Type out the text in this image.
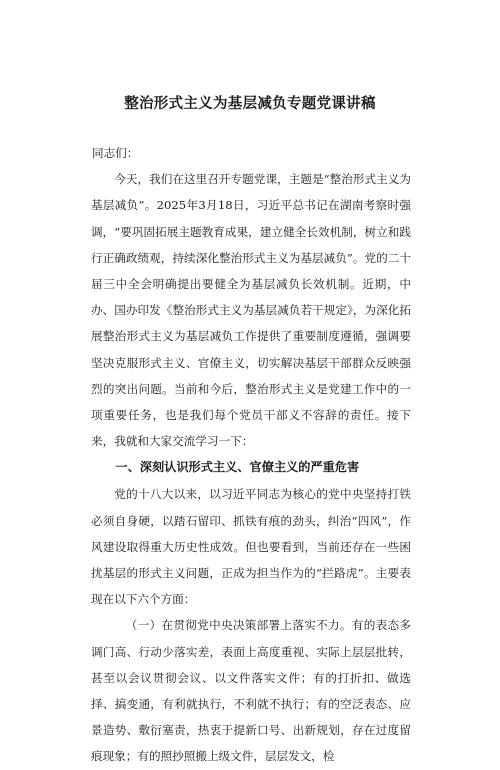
整治形式主义为基层减负专题党课讲稿
同志们：

今天，我们在这里召开专题党课，主题是“整治形式主义为基层减负”。2025年3月18日，习近平总书记在湖南考察时强调，“要巩固拓展主题教育成果，建立健全长效机制，树立和践行正确政绩观，持续深化整治形式主义为基层减负”。党的二十届三中全会明确提出要健全为基层减负长效机制。近期，中办、国办印发《整治形式主义为基层减负若干规定》，为深化拓展整治形式主义为基层减负工作提供了重要制度遵循，强调要坚决克服形式主义、官僚主义，切实解决基层干部群众反映强烈的突出问题。当前和今后，整治形式主义是党建工作中的一项重要任务，也是我们每个党员干部义不容辞的责任。接下来，我就和大家交流学习一下：

一、深刻认识形式主义、官僚主义的严重危害

党的十八大以来，以习近平同志为核心的党中央坚持打铁必须自身硬，以踏石留印、抓铁有痕的劲头，纠治“四风”，作风建设取得重大历史性成效。但也要看到，当前还存在一些困扰基层的形式主义问题，正成为担当作为的“拦路虎”。主要表现在以下六个方面：

（一）在贯彻党中央决策部署上落实不力。有的表态多调门高、行动少落实差，表面上高度重视、实际上层层批转，甚至以会议贯彻会议、以文件落实文件；有的打折扣、做选择、搞变通，有利就执行，不利就不执行；有的空泛表态、应景造势、敷衍塞责，热衷于提新口号、出新规划，存在过度留痕现象；有的照抄照搬上级文件，层层发文，检
